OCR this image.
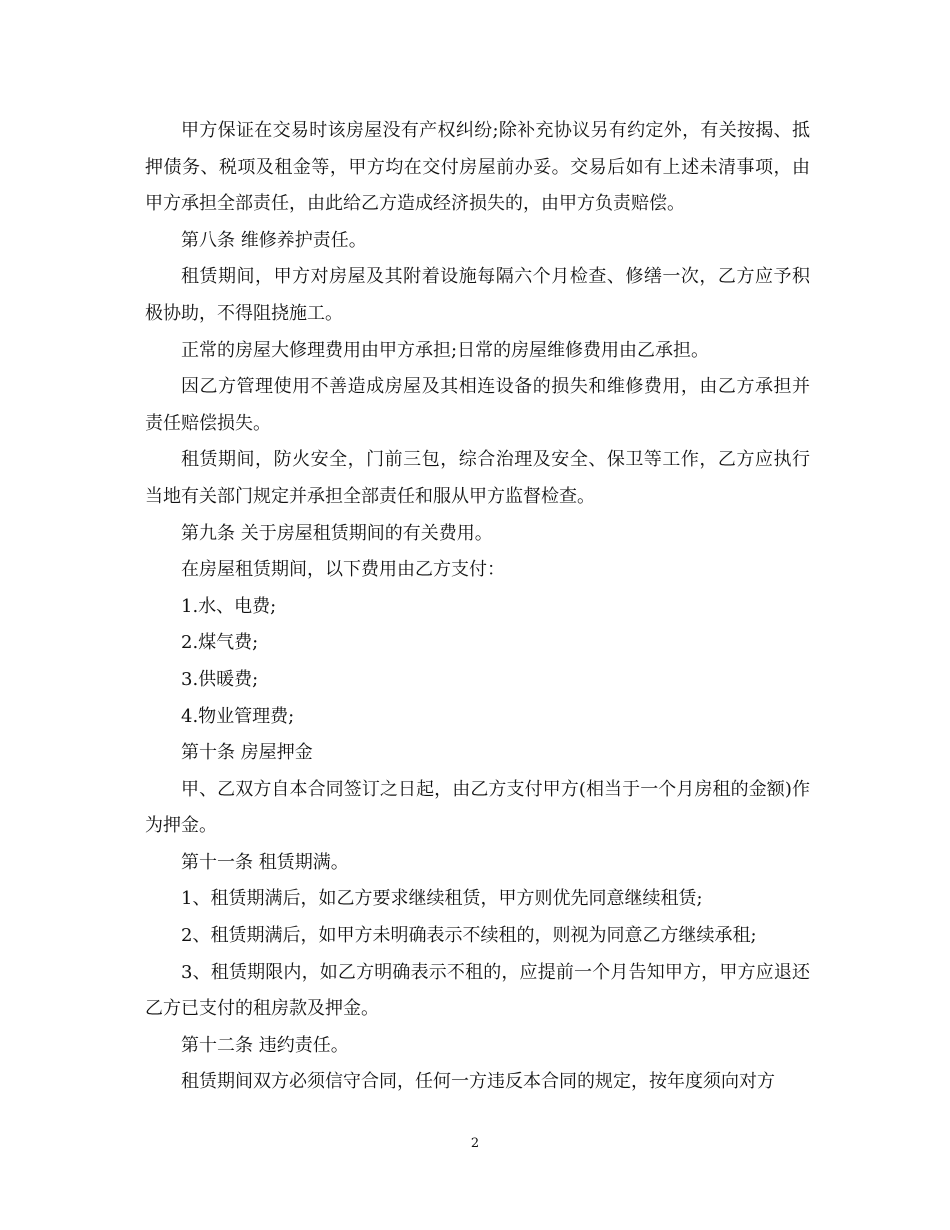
甲方保证在交易时该房屋没有产权纠纷;除补充协议另有约定外，有关按揭、抵押债务、税项及租金等，甲方均在交付房屋前办妥。交易后如有上述未清事项，由甲方承担全部责任，由此给乙方造成经济损失的，由甲方负责赔偿。

第八条 维修养护责任。

租赁期间，甲方对房屋及其附着设施每隔六个月检查、修缮一次，乙方应予积极协助，不得阻挠施工。

正常的房屋大修理费用由甲方承担;日常的房屋维修费用由乙承担。

因乙方管理使用不善造成房屋及其相连设备的损失和维修费用，由乙方承担并责任赔偿损失。

租赁期间，防火安全，门前三包，综合治理及安全、保卫等工作，乙方应执行当地有关部门规定并承担全部责任和服从甲方监督检查。

第九条 关于房屋租赁期间的有关费用。

在房屋租赁期间，以下费用由乙方支付：

1.水、电费;

2.煤气费;

3.供暖费;

4.物业管理费;

第十条 房屋押金

甲、乙双方自本合同签订之日起，由乙方支付甲方(相当于一个月房租的金额)作为押金。

第十一条 租赁期满。

1、租赁期满后，如乙方要求继续租赁，甲方则优先同意继续租赁;

2、租赁期满后，如甲方未明确表示不续租的，则视为同意乙方继续承租;

3、租赁期限内，如乙方明确表示不租的，应提前一个月告知甲方，甲方应退还乙方已支付的租房款及押金。

第十二条 违约责任。

租赁期间双方必须信守合同，任何一方违反本合同的规定，按年度须向对方

2
